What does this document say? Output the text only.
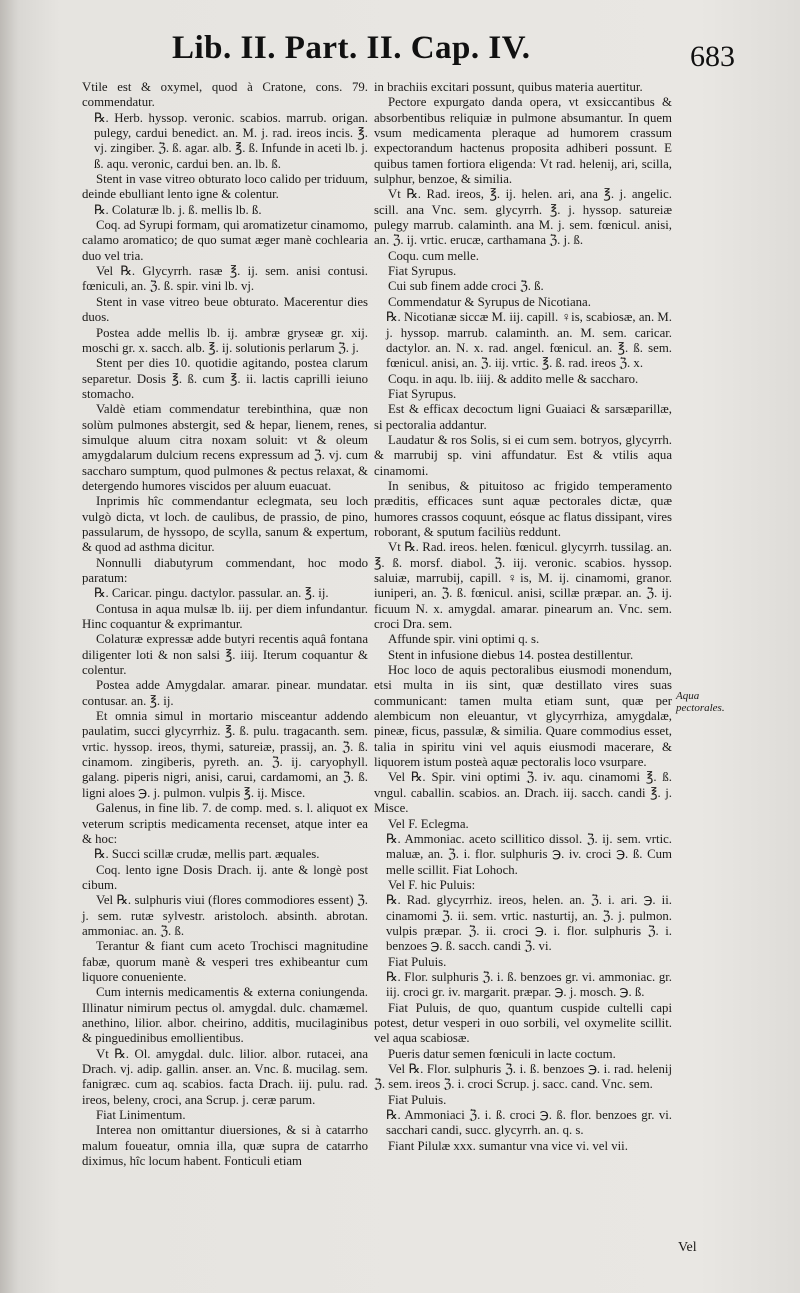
Lib. II. Part. II. Cap. IV.	683

Vtile est & oxymel, quod à Cratone, cons. 79. commendatur.

℞. Herb. hyssop. veronic. scabios. marrub. origan. pulegy, cardui benedict. an. M. j. rad. ireos incis. ℥. vj. zingiber. ℨ. ß. agar. alb. ℥. ß. Infunde in aceti lb. j. ß. aqu. veronic, cardui ben. an. lb. ß.

Stent in vase vitreo obturato loco calido per triduum, deinde ebulliant lento igne & colentur.

℞. Colaturæ lb. j. ß. mellis lb. ß.

Coq. ad Syrupi formam, qui aromatizetur cinamomo, calamo aromatico; de quo sumat æger manè cochlearia duo vel tria.

Vel ℞. Glycyrrh. rasæ ℥. ij. sem. anisi contusi. fœniculi, an. ℨ. ß. spir. vini lb. vj.

Stent in vase vitreo beue obturato. Macerentur dies duos.

Postea adde mellis lb. ij. ambræ gryseæ gr. xij. moschi gr. x. sacch. alb. ℥. ij. solutionis perlarum ℨ. j.

Stent per dies 10. quotidie agitando, postea clarum separetur. Dosis ℥. ß. cum ℥. ii. lactis caprilli ieiuno stomacho.

Valdè etiam commendatur terebinthina, quæ non solùm pulmones abstergit, sed & hepar, lienem, renes, simulque aluum citra noxam soluit: vt & oleum amygdalarum dulcium recens expressum ad ℨ. vj. cum saccharo sumptum, quod pulmones & pectus relaxat, & detergendo humores viscidos per aluum euacuat.

Inprimis hîc commendantur eclegmata, seu loch vulgò dicta, vt loch. de caulibus, de prassio, de pino, passularum, de hyssopo, de scylla, sanum & expertum, & quod ad asthma dicitur.

Nonnulli diabutyrum commendant, hoc modo paratum:

℞. Caricar. pingu. dactylor. passular. an. ℥. ij.

Contusa in aqua mulsæ lb. iij. per diem infundantur. Hinc coquantur & exprimantur.

Colaturæ expressæ adde butyri recentis aquâ fontana diligenter loti & non salsi ℥. iiij. Iterum coquantur & colentur.

Postea adde Amygdalar. amarar. pinear. mundatar. contusar. an. ℥. ij.

Et omnia simul in mortario misceantur addendo paulatim, succi glycyrrhiz. ℥. ß. pulu. tragacanth. sem. vrtic. hyssop. ireos, thymi, satureiæ, prassij, an. ℨ. ß. cinamom. zingiberis, pyreth. an. ℨ. ij. caryophyll. galang. piperis nigri, anisi, carui, cardamomi, an ℨ. ß. ligni aloes ℈. j. pulmon. vulpis ℥. ij. Misce.

Galenus, in fine lib. 7. de comp. med. s. l. aliquot ex veterum scriptis medicamenta recenset, atque inter ea & hoc:

℞. Succi scillæ crudæ, mellis part. æquales.

Coq. lento igne Dosis Drach. ij. ante & longè post cibum.

Vel ℞. sulphuris viui (flores commodiores essent) ℨ. j. sem. rutæ sylvestr. aristoloch. absinth. abrotan. ammoniac. an. ℨ. ß.

Terantur & fiant cum aceto Trochisci magnitudine fabæ, quorum manè & vesperi tres exhibeantur cum liquore conueniente.

Cum internis medicamentis & externa coniungenda. Illinatur nimirum pectus ol. amygdal. dulc. chamæmel. anethino, lilior. albor. cheirino, additis, mucilaginibus & pinguedinibus emollientibus.

Vt ℞. Ol. amygdal. dulc. lilior. albor. rutacei, ana Drach. vj. adip. gallin. anser. an. Vnc. ß. mucilag. sem. fanigræc. cum aq. scabios. facta Drach. iij. pulu. rad. ireos, beleny, croci, ana Scrup. j. ceræ parum.

Fiat Linimentum.

Interea non omittantur diuersiones, & si à catarrho malum foueatur, omnia illa, quæ supra de catarrho diximus, hîc locum habent. Fonticuli etiam

in brachiis excitari possunt, quibus materia auertitur.

Pectore expurgato danda opera, vt exsiccantibus & absorbentibus reliquiæ in pulmone absumantur. In quem vsum medicamenta pleraque ad humorem crassum expectorandum hactenus proposita adhiberi possunt. E quibus tamen fortiora eligenda: Vt rad. helenij, ari, scilla, sulphur, benzoe, & similia.

Vt ℞. Rad. ireos, ℥. ij. helen. ari, ana ℥. j. angelic. scill. ana Vnc. sem. glycyrrh. ℥. j. hyssop. satureiæ pulegy marrub. calaminth. ana M. j. sem. fœnicul. anisi, an. ℨ. ij. vrtic. erucæ, carthamana ℨ. j. ß.

Coqu. cum melle.

Fiat Syrupus.

Cui sub finem adde croci ℨ. ß.

Commendatur & Syrupus de Nicotiana.

℞. Nicotianæ siccæ M. iij. capill. ♀is, scabiosæ, an. M. j. hyssop. marrub. calaminth. an. M. sem. caricar. dactylor. an. N. x. rad. angel. fœnicul. an. ℥. ß. sem. fœnicul. anisi, an. ℨ. iij. vrtic. ℥. ß. rad. ireos ℨ. x.

Coqu. in aqu. lb. iiij. & addito melle & saccharo.

Fiat Syrupus.

Est & efficax decoctum ligni Guaiaci & sarsæparillæ, si pectoralia addantur.

Laudatur & ros Solis, si ei cum sem. botryos, glycyrrh. & marrubij sp. vini affundatur. Est & vtilis aqua cinamomi.

In senibus, & pituitoso ac frigido temperamento præditis, efficaces sunt aquæ pectorales dictæ, quæ humores crassos coquunt, eósque ac flatus dissipant, vires roborant, & sputum faciliùs reddunt.

Vt ℞. Rad. ireos. helen. fœnicul. glycyrrh. tussilag. an. ℥. ß. morsf. diabol. ℨ. iij. veronic. scabios. hyssop. saluiæ, marrubij, capill. ♀is, M. ij. cinamomi, granor. iuniperi, an. ℨ. ß. fœnicul. anisi, scillæ præpar. an. ℨ. ij. ficuum N. x. amygdal. amarar. pinearum an. Vnc. sem. croci Dra. sem.

Affunde spir. vini optimi q. s.

Stent in infusione diebus 14. postea destillentur.

Hoc loco de aquis pectoralibus eiusmodi monendum, etsi multa in iis sint, quæ destillato vires suas communicant: tamen multa etiam sunt, quæ per alembicum non eleuantur, vt glycyrrhiza, amygdalæ, pineæ, ficus, passulæ, & similia. Quare commodius esset, talia in spiritu vini vel aquis eiusmodi macerare, & liquorem istum posteà aquæ pectoralis loco vsurpare.

Vel ℞. Spir. vini optimi ℨ. iv. aqu. cinamomi ℥. ß. vngul. caballin. scabios. an. Drach. iij. sacch. candi ℥. j. Misce.

Vel F. Eclegma.

℞. Ammoniac. aceto scillitico dissol. ℨ. ij. sem. vrtic. maluæ, an. ℨ. i. flor. sulphuris ℈. iv. croci ℈. ß. Cum melle scillit. Fiat Lohoch.

Vel F. hic Puluis:

℞. Rad. glycyrrhiz. ireos, helen. an. ℨ. i. ari. ℈. ii. cinamomi ℨ. ii. sem. vrtic. nasturtij, an. ℨ. j. pulmon. vulpis præpar. ℨ. ii. croci ℈. i. flor. sulphuris ℨ. i. benzoes ℈. ß. sacch. candi ℨ. vi.

Fiat Puluis.

℞. Flor. sulphuris ℨ. i. ß. benzoes gr. vi. ammoniac. gr. iij. croci gr. iv. margarit. præpar. ℈. j. mosch. ℈. ß.

Fiat Puluis, de quo, quantum cuspide cultelli capi potest, detur vesperi in ouo sorbili, vel oxymelite scillit. vel aqua scabiosæ.

Pueris datur semen fœniculi in lacte coctum.

Vel ℞. Flor. sulphuris ℨ. i. ß. benzoes ℈. i. rad. helenij ℨ. sem. ireos ℨ. i. croci Scrup. j. sacc. cand. Vnc. sem.

Fiat Puluis.

℞. Ammoniaci ℨ. i. ß. croci ℈. ß. flor. benzoes gr. vi. sacchari candi, succ. glycyrrh. an. q. s.

Fiant Pilulæ xxx. sumantur vna vice vi. vel vii.

Aqua pectorales.
Vel
